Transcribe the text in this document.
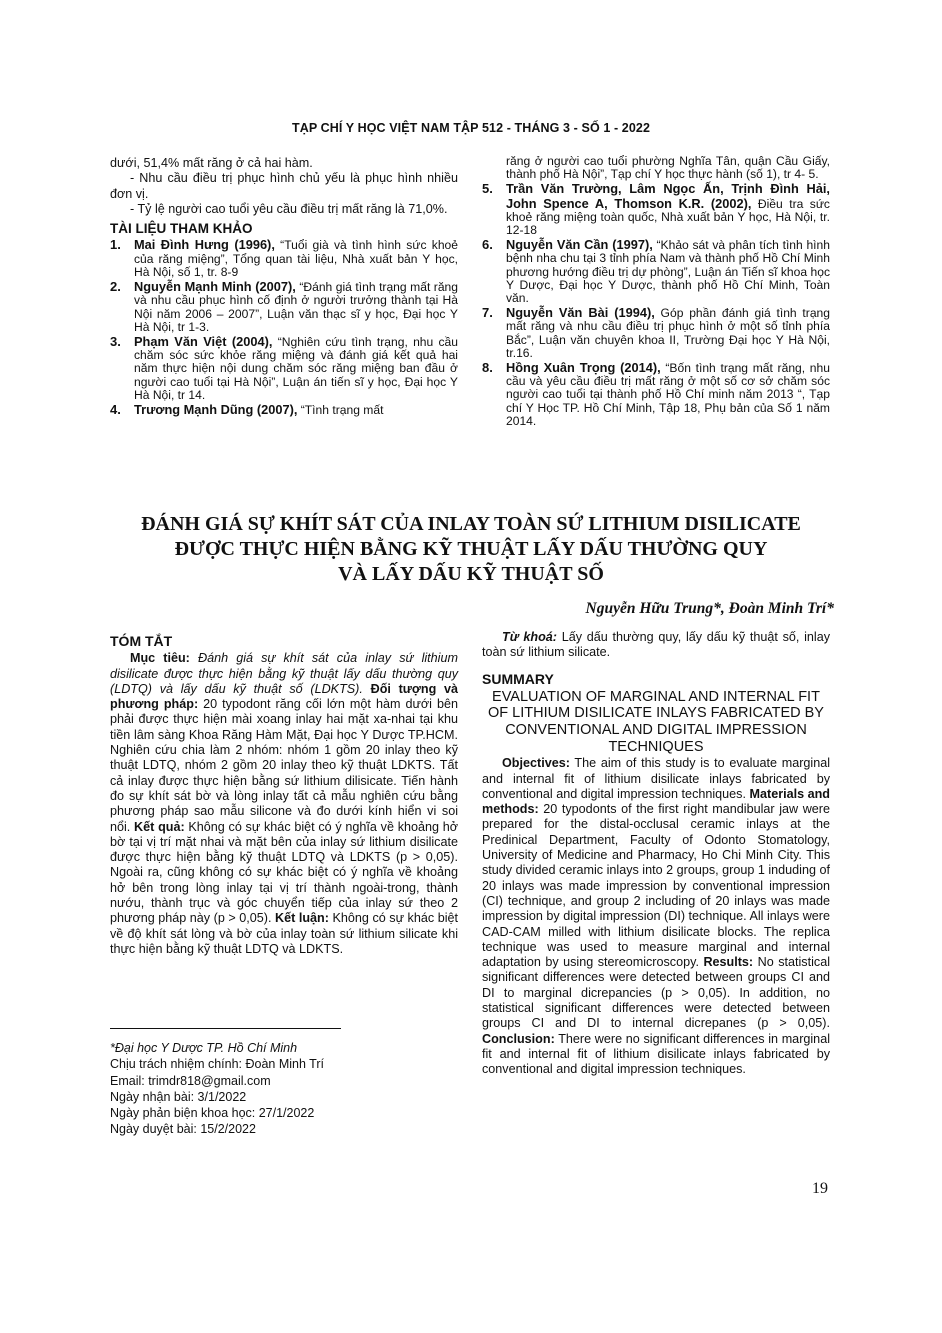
TẠP CHÍ Y HỌC VIỆT NAM TẬP 512 - THÁNG 3 - SỐ 1 - 2022

dưới, 51,4% mất răng ở cả hai hàm.

- Nhu cầu điều trị phục hình chủ yếu là phục hình nhiều đơn vị.

- Tỷ lệ người cao tuổi yêu cầu điều trị mất răng là 71,0%.

TÀI LIỆU THAM KHẢO

1. Mai Đình Hưng (1996), “Tuổi già và tình hình sức khoẻ của răng miệng”, Tổng quan tài liệu, Nhà xuất bản Y học, Hà Nội, số 1, tr. 8-9
2. Nguyễn Mạnh Minh (2007), “Đánh giá tình trạng mất răng và nhu cầu phục hình cố định ở người trưởng thành tại Hà Nội năm 2006 – 2007”, Luận văn thạc sĩ y học, Đại học Y Hà Nội, tr 1-3.
3. Phạm Văn Việt (2004), “Nghiên cứu tình trạng, nhu cầu chăm sóc sức khỏe răng miệng và đánh giá kết quả hai năm thực hiện nội dung chăm sóc răng miệng ban đầu ở người cao tuổi tại Hà Nội”, Luận án tiến sĩ y học, Đại học Y Hà Nội, tr 14.
4. Trương Mạnh Dũng (2007), “Tình trạng mất
răng ở người cao tuổi phường Nghĩa Tân, quận Cầu Giấy, thành phố Hà Nội”, Tạp chí Y học thực hành (số 1), tr 4- 5.
5. Trần Văn Trường, Lâm Ngọc Ấn, Trịnh Đình Hải, John Spence A, Thomson K.R. (2002), Điều tra sức khoẻ răng miệng toàn quốc, Nhà xuất bản Y học, Hà Nội, tr. 12-18
6. Nguyễn Văn Cần (1997), “Khảo sát và phân tích tình hình bệnh nha chu tại 3 tỉnh phía Nam và thành phố Hồ Chí Minh phương hướng điều trị dự phòng”, Luận án Tiến sĩ khoa học Y Dược, Đại học Y Dược, thành phố Hồ Chí Minh, Toàn văn.
7. Nguyễn Văn Bài (1994), Góp phần đánh giá tình trạng mất răng và nhu cầu điều trị phục hình ở một số tỉnh phía Bắc”, Luận văn chuyên khoa II, Trường Đại học Y Hà Nội, tr.16.
8. Hồng Xuân Trọng (2014), “Bốn tình trạng mất răng, nhu cầu và yêu cầu điều trị mất răng ở một số cơ sở chăm sóc người cao tuổi tại thành phố Hồ Chí minh năm 2013 “, Tạp chí Y Học TP. Hồ Chí Minh, Tập 18, Phụ bản của Số 1 năm 2014.
ĐÁNH GIÁ SỰ KHÍT SÁT CỦA INLAY TOÀN SỨ LITHIUM DISILICATE
ĐƯỢC THỰC HIỆN BẰNG KỸ THUẬT LẤY DẤU THƯỜNG QUY
VÀ LẤY DẤU KỸ THUẬT SỐ
Nguyễn Hữu Trung*, Đoàn Minh Trí*

TÓM TẮT

Mục tiêu: Đánh giá sự khít sát của inlay sứ lithium disilicate được thực hiện bằng kỹ thuật lấy dấu thường quy (LDTQ) và lấy dấu kỹ thuật số (LDKTS). Đối tượng và phương pháp: 20 typodont răng cối lớn một hàm dưới bên phải được thực hiện mài xoang inlay hai mặt xa-nhai tại khu tiền lâm sàng Khoa Răng Hàm Mặt, Đại học Y Dược TP.HCM. Nghiên cứu chia làm 2 nhóm: nhóm 1 gồm 20 inlay theo kỹ thuật LDTQ, nhóm 2 gồm 20 inlay theo kỹ thuật LDKTS. Tất cả inlay được thực hiện bằng sứ lithium dilisicate. Tiến hành đo sự khít sát bờ và lòng inlay tất cả mẫu nghiên cứu bằng phương pháp sao mẫu silicone và đo dưới kính hiển vi soi nổi. Kết quả: Không có sự khác biệt có ý nghĩa về khoảng hở bờ tại vị trí mặt nhai và mặt bên của inlay sứ lithium disilicate được thực hiện bằng kỹ thuật LDTQ và LDKTS (p > 0,05). Ngoài ra, cũng không có sự khác biệt có ý nghĩa về khoảng hở bên trong lòng inlay tại vị trí thành ngoài-trong, thành nướu, thành trục và góc chuyển tiếp của inlay sứ theo 2 phương pháp này (p > 0,05). Kết luận: Không có sự khác biệt về độ khít sát lòng và bờ của inlay toàn sứ lithium silicate khi thực hiện bằng kỹ thuật LDTQ và LDKTS.

*Đại học Y Dược TP. Hồ Chí Minh
Chịu trách nhiệm chính: Đoàn Minh Trí
Email: trimdr818@gmail.com
Ngày nhận bài: 3/1/2022
Ngày phản biện khoa học: 27/1/2022
Ngày duyệt bài: 15/2/2022

Từ khoá: Lấy dấu thường quy, lấy dấu kỹ thuật số, inlay toàn sứ lithium silicate.

SUMMARY

EVALUATION OF MARGINAL AND INTERNAL FIT OF LITHIUM DISILICATE INLAYS FABRICATED BY CONVENTIONAL AND DIGITAL IMPRESSION TECHNIQUES

Objectives: The aim of this study is to evaluate marginal and internal fit of lithium disilicate inlays fabricated by conventional and digital impression techniques. Materials and methods: 20 typodonts of the first right mandibular jaw were prepared for the distal-occlusal ceramic inlays at the Predinical Department, Faculty of Odonto Stomatology, University of Medicine and Pharmacy, Ho Chi Minh City. This study divided ceramic inlays into 2 groups, group 1 induding of 20 inlays was made impression by conventional impression (CI) technique, and group 2 including of 20 inlays was made impression by digital impression (DI) technique. All inlays were CAD-CAM milled with lithium disilicate blocks. The replica technique was used to measure marginal and internal adaptation by using stereomicroscopy. Results: No statistical significant differences were detected between groups CI and DI to marginal dicrepancies (p > 0,05). In addition, no statistical significant differences were detected between groups CI and DI to internal dicrepanes (p > 0,05). Conclusion: There were no significant differences in marginal fit and internal fit of lithium disilicate inlays fabricated by conventional and digital impression techniques.

19
